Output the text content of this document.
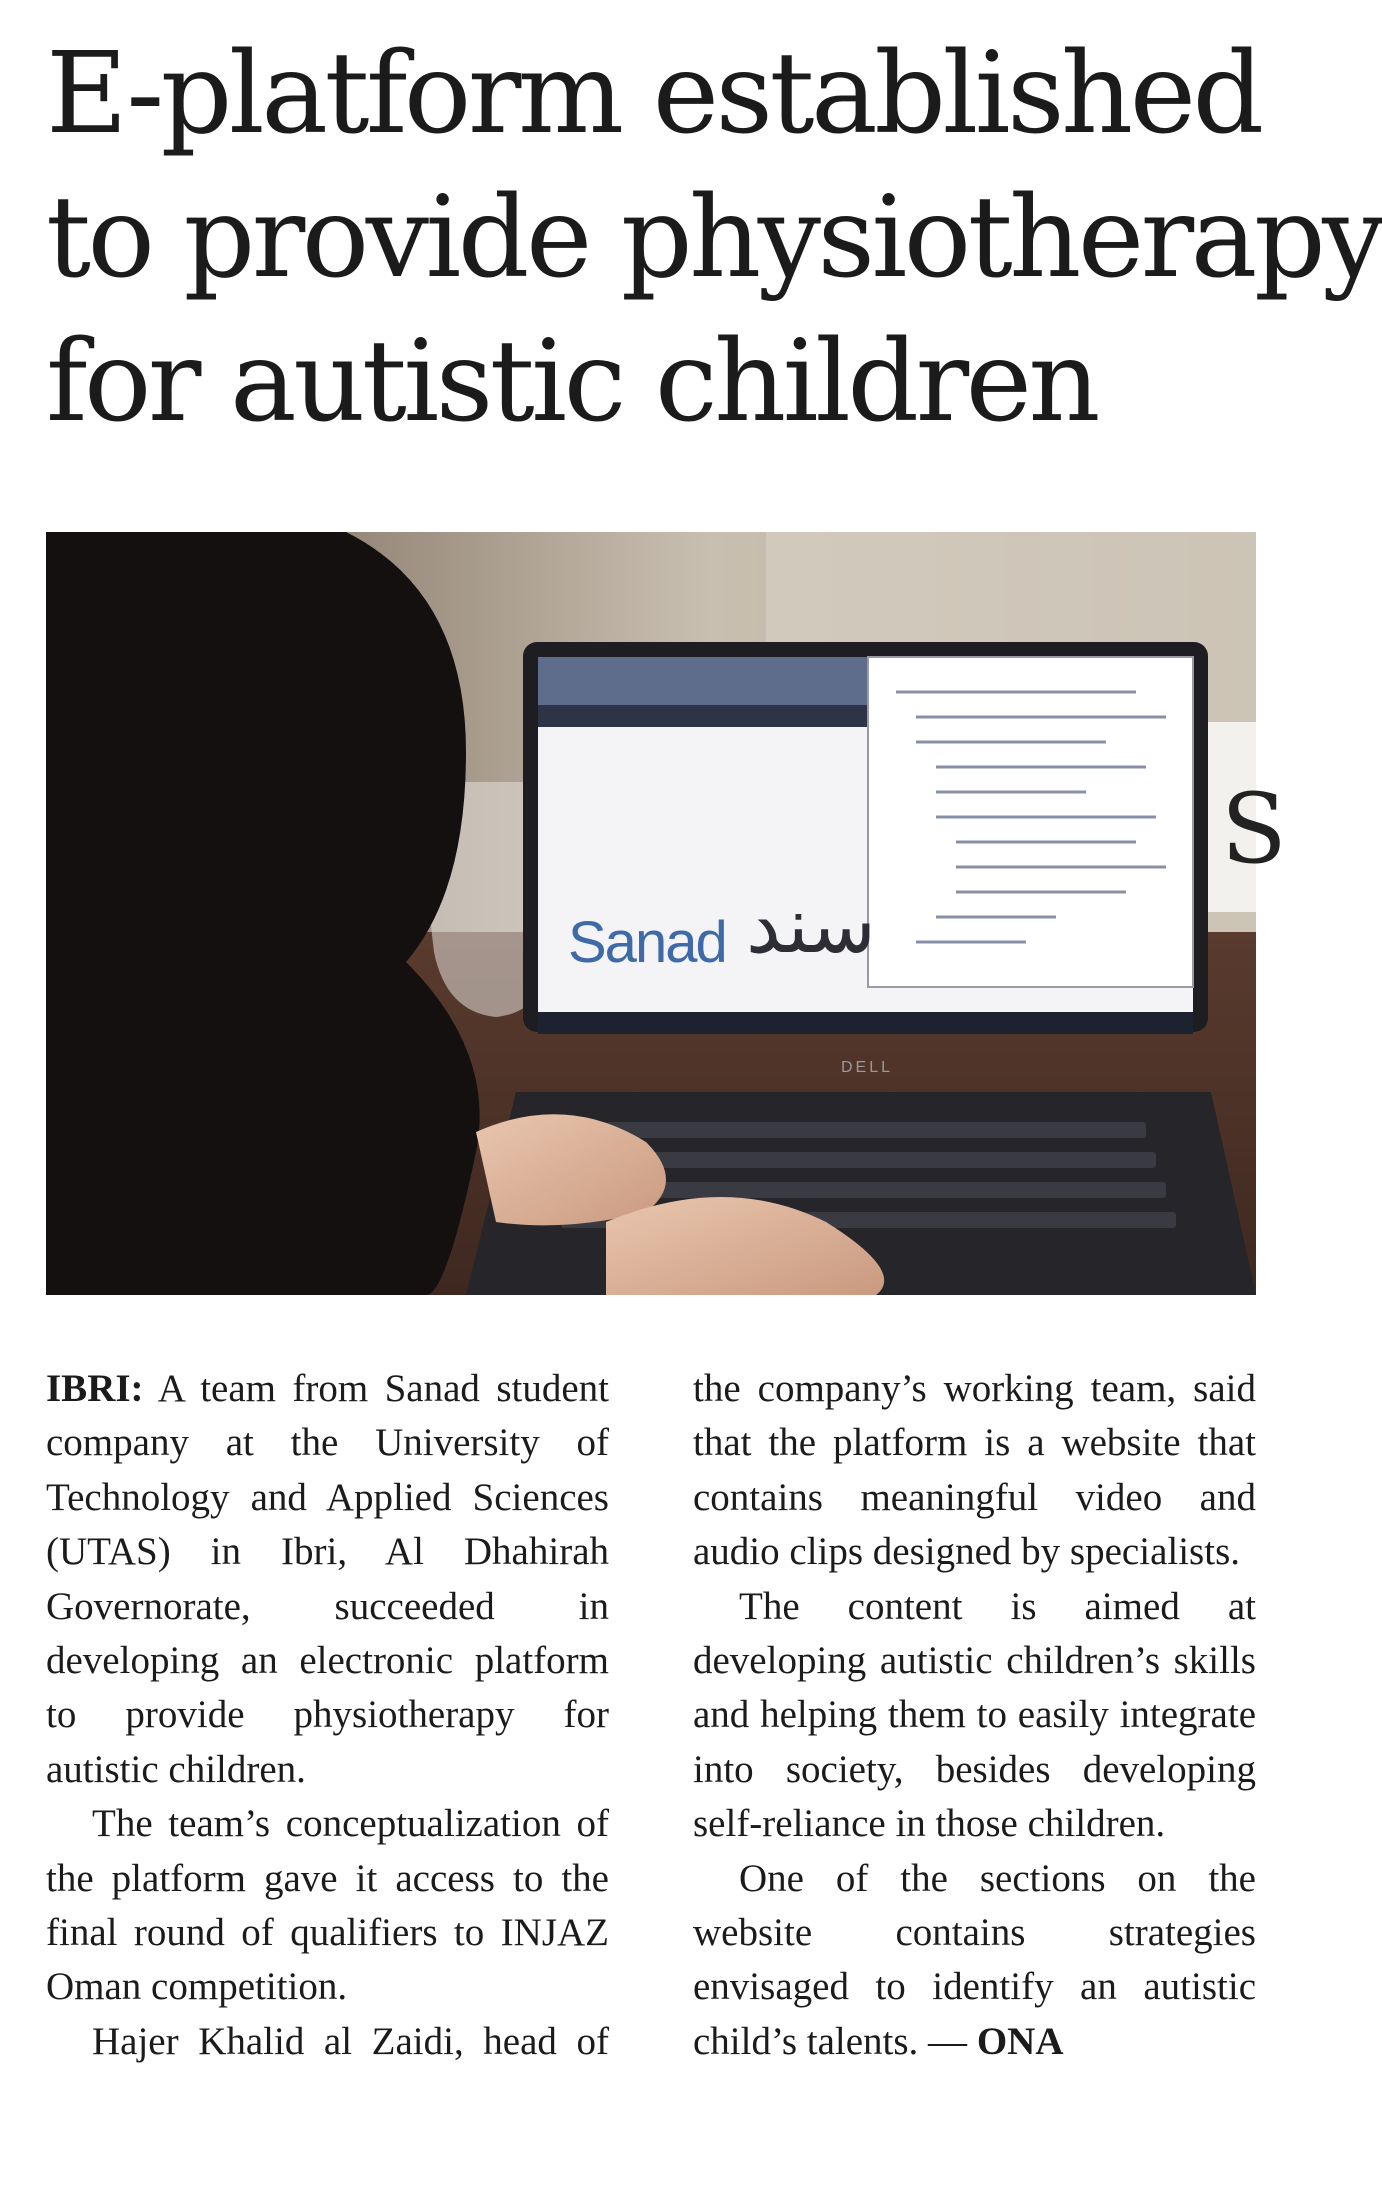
E-platform established
to provide physiotherapy
for autistic children
S
Sanad سند
DELL

IBRI: A team from Sanad student company at the University of Technology and Applied Sciences (UTAS) in Ibri, Al Dhahirah Governorate, succeeded in developing an electronic platform to provide physiotherapy for autistic children.

The team’s conceptualization of the platform gave it access to the final round of qualifiers to INJAZ Oman competition.

Hajer Khalid al Zaidi, head of

the company’s working team, said that the platform is a website that contains meaningful video and audio clips designed by specialists.

The content is aimed at developing autistic children’s skills and helping them to easily integrate into society, besides developing self-reliance in those children.

One of the sections on the website contains strategies envisaged to identify an autistic child’s talents. — ONA
